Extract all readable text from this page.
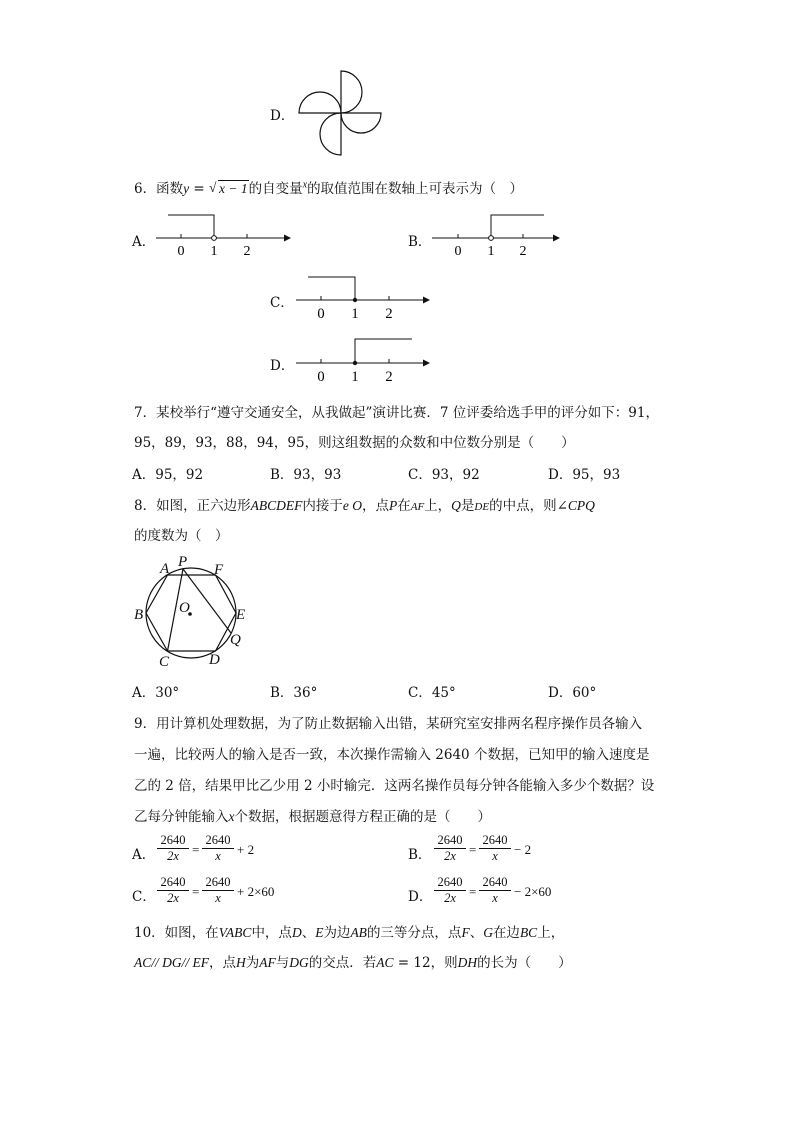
D．
6．函数y = √ x − 1的自变量$^x$的取值范围在数轴上可表示为（　）
A．
0 1 2
B．
0 1 2
C．
0 1 2
D．
0 1 2
7．某校举行“遵守交通安全，从我做起”演讲比赛．7 位评委给选手甲的评分如下：91，
95，89，93，88，94，95，则这组数据的众数和中位数分别是（　　）
A．95，92	B．93，93	C．93，92	D．95，93
8．如图，正六边形ABCDEF内接于e O，点P在AF上，Q是DE的中点，则∠CPQ
的度数为（　）
A P F
B O	E
Q
C	D
A．30°	B．36°	C．45°	D．60°
9．用计算机处理数据，为了防止数据输入出错，某研究室安排两名程序操作员各输入
一遍，比较两人的输入是否一致，本次操作需输入 2640 个数据，已知甲的输入速度是
乙的 2 倍，结果甲比乙少用 2 小时输完．这两名操作员每分钟各能输入多少个数据？设
乙每分钟能输入x个数据，根据题意得方程正确的是（　　）
A．
2640
2x	=
2640
x	+ 2	B．
2640
2x	=
2640
x	− 2
C．
2640
2x	=
2640
x	+ 2×60	D．
2640
2x	=
2640
x	− 2×60
10．如图，在VABC中，点D、E为边AB的三等分点，点F、G在边BC上，
AC// DG// EF，点H为AF与DG的交点．若AC = 12，则DH的长为（　　）
